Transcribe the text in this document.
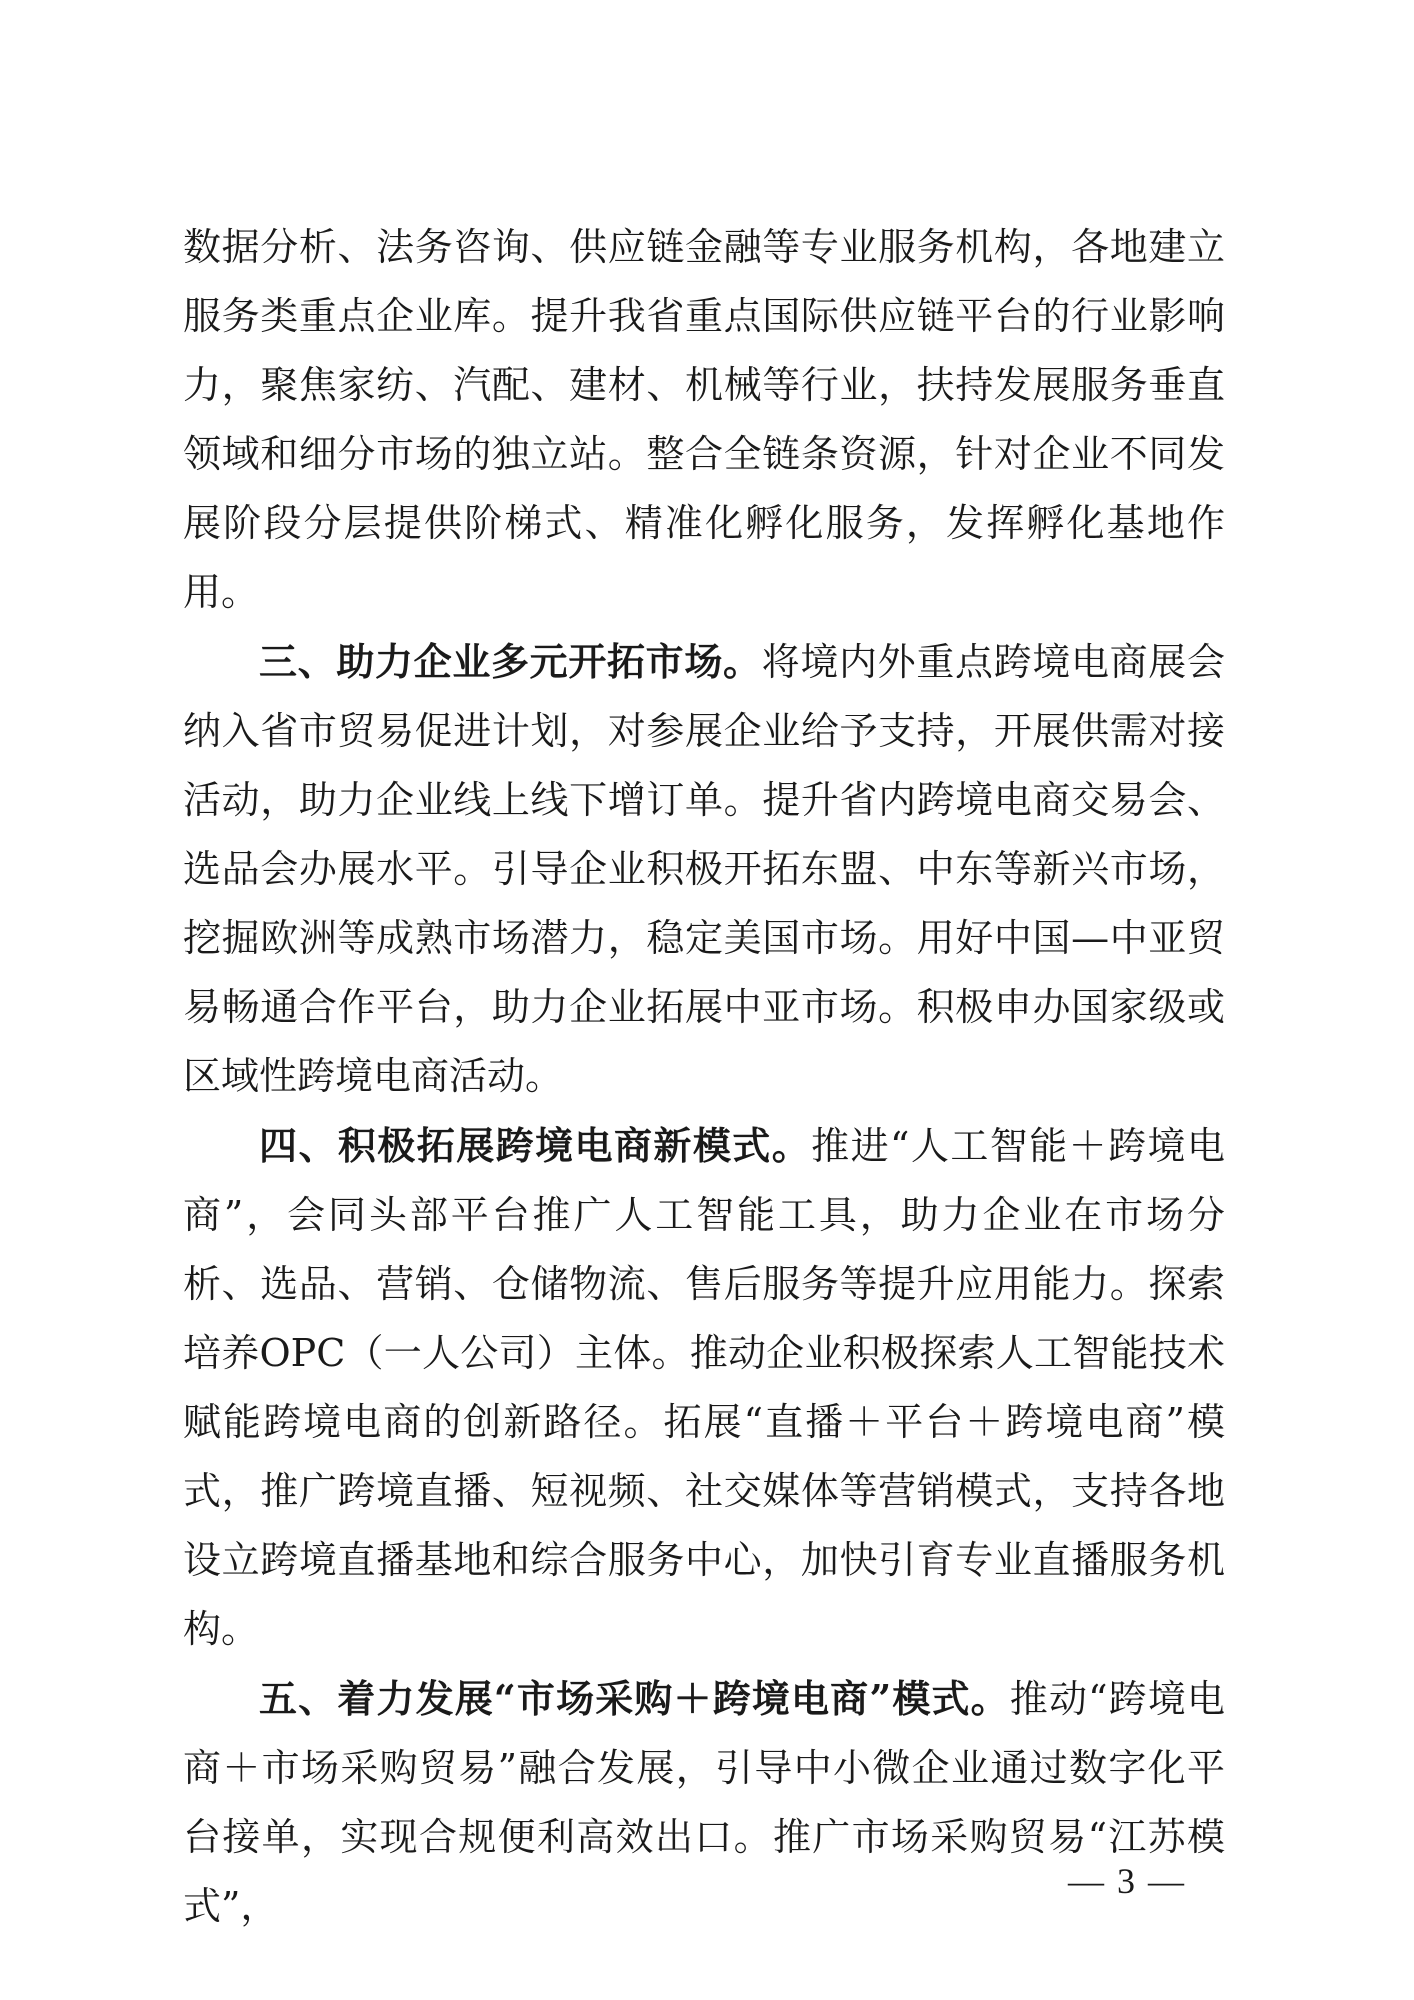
数据分析、法务咨询、供应链金融等专业服务机构，各地建立服务类重点企业库。提升我省重点国际供应链平台的行业影响力，聚焦家纺、汽配、建材、机械等行业，扶持发展服务垂直领域和细分市场的独立站。整合全链条资源，针对企业不同发展阶段分层提供阶梯式、精准化孵化服务，发挥孵化基地作用。

三、助力企业多元开拓市场。将境内外重点跨境电商展会纳入省市贸易促进计划，对参展企业给予支持，开展供需对接活动，助力企业线上线下增订单。提升省内跨境电商交易会、选品会办展水平。引导企业积极开拓东盟、中东等新兴市场，挖掘欧洲等成熟市场潜力，稳定美国市场。用好中国—中亚贸易畅通合作平台，助力企业拓展中亚市场。积极申办国家级或区域性跨境电商活动。

四、积极拓展跨境电商新模式。推进“人工智能＋跨境电商”，会同头部平台推广人工智能工具，助力企业在市场分析、选品、营销、仓储物流、售后服务等提升应用能力。探索培养OPC（一人公司）主体。推动企业积极探索人工智能技术赋能跨境电商的创新路径。拓展“直播＋平台＋跨境电商”模式，推广跨境直播、短视频、社交媒体等营销模式，支持各地设立跨境直播基地和综合服务中心，加快引育专业直播服务机构。

五、着力发展“市场采购＋跨境电商”模式。推动“跨境电商＋市场采购贸易”融合发展，引导中小微企业通过数字化平台接单，实现合规便利高效出口。推广市场采购贸易“江苏模式”，

— 3 —
